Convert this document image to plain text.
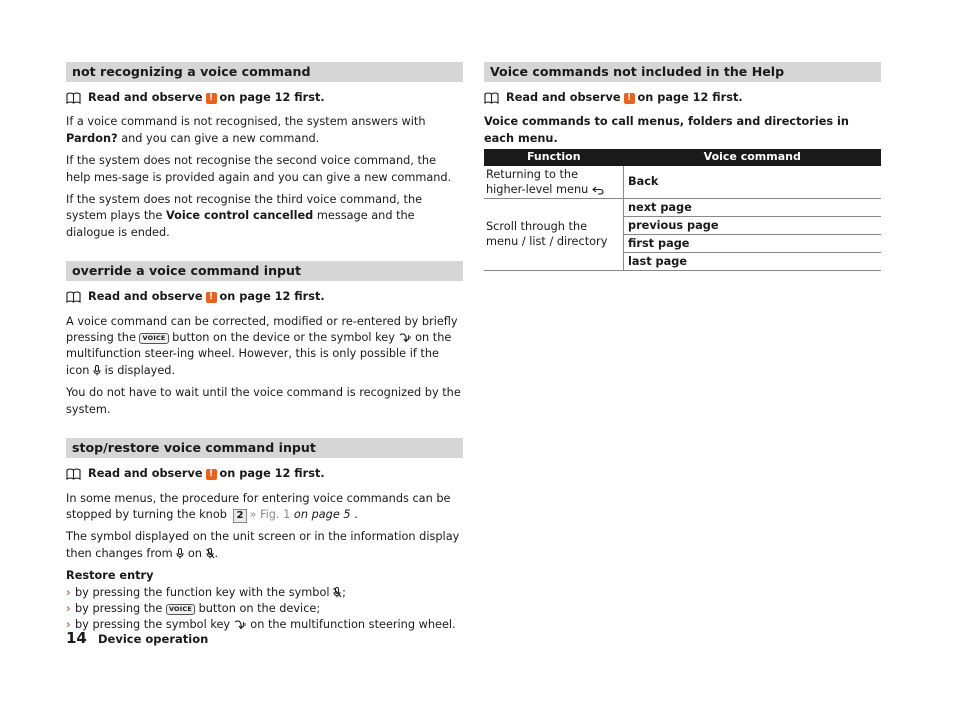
not recognizing a voice command
Read and observe ! on page 12 first.

If a voice command is not recognised, the system answers with Pardon? and you can give a new command.

If the system does not recognise the second voice command, the help mes-sage is provided again and you can give a new command.

If the system does not recognise the third voice command, the system plays the Voice control cancelled message and the dialogue is ended.

override a voice command input
Read and observe ! on page 12 first.

A voice command can be corrected, modified or re-entered by briefly pressing the VOICE button on the device or the symbol key  on the multifunction steer-ing wheel. However, this is only possible if the icon  is displayed.

You do not have to wait until the voice command is recognized by the system.

stop/restore voice command input
Read and observe ! on page 12 first.

In some menus, the procedure for entering voice commands can be stopped by turning the knob 2 » Fig. 1 on page 5 .

The symbol displayed on the unit screen or in the information display then changes from  on .

Restore entry
› by pressing the function key with the symbol ;
› by pressing the VOICE button on the device;
› by pressing the symbol key  on the multifunction steering wheel.
Voice commands not included in the Help
Read and observe ! on page 12 first.

Voice commands to call menus, folders and directories in each menu.

Function	Voice command
Returning to the higher-level menu	Back
Scroll through the menu / list / directory	next page
	previous page
	first page
	last page
14 Device operation
